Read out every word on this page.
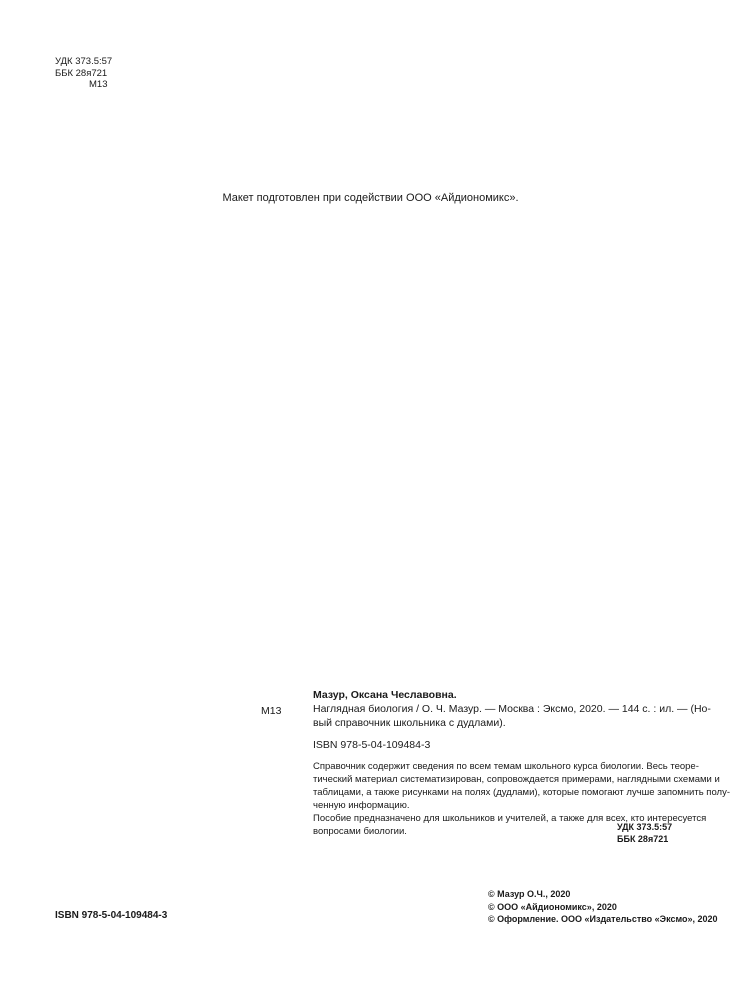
УДК 373.5:57
ББК 28я721
М13
Макет подготовлен при содействии ООО «Айдиономикс».
М13

Мазур, Оксана Чеславовна.

Наглядная биология / О. Ч. Мазур. — Москва : Эксмо, 2020. — 144 с. : ил. — (Но-

вый справочник школьника с дудлами).

ISBN 978-5-04-109484-3

Справочник содержит сведения по всем темам школьного курса биологии. Весь теоре-

тический материал систематизирован, сопровождается примерами, наглядными схемами и

таблицами, а также рисунками на полях (дудлами), которые помогают лучше запомнить полу-

ченную информацию.

Пособие предназначено для школьников и учителей, а также для всех, кто интересуется

вопросами биологии.	УДК 373.5:57
ББК 28я721
ISBN 978-5-04-109484-3
© Мазур О.Ч., 2020
© ООО «Айдиономикс», 2020
© Оформление. ООО «Издательство «Эксмо», 2020
